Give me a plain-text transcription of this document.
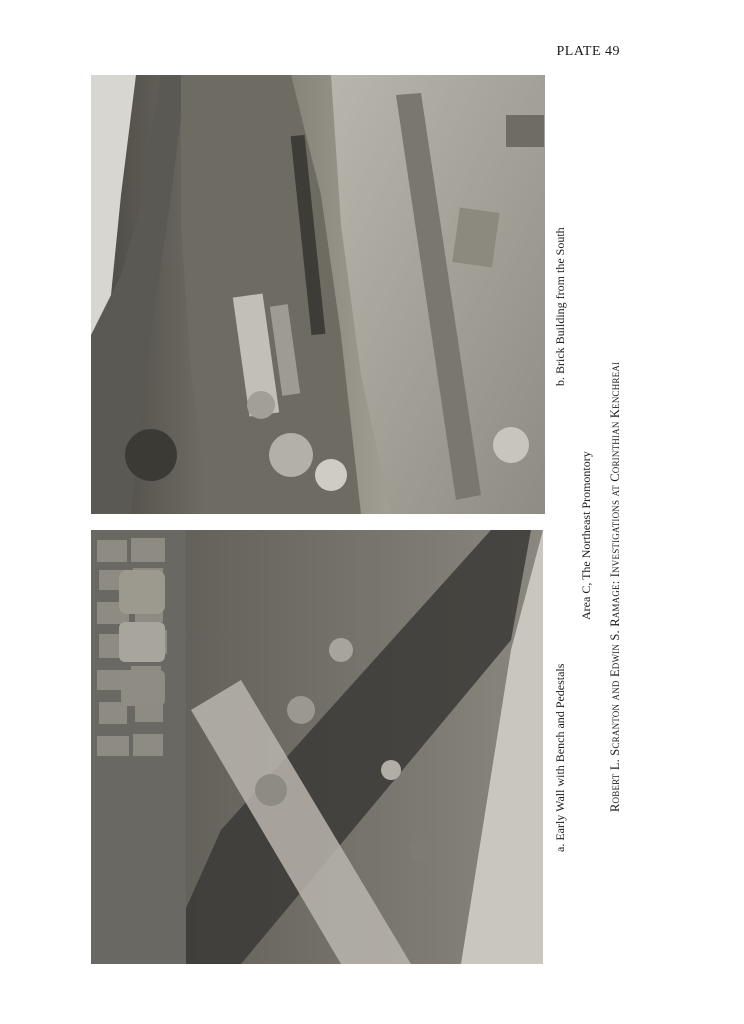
PLATE 49
b. Brick Building from the South
a. Early Wall with Bench and Pedestals
Area C, The Northeast Promontory Robert L. Scranton and Edwin S. Ramage: Investigations at Corinthian Kenchreai
